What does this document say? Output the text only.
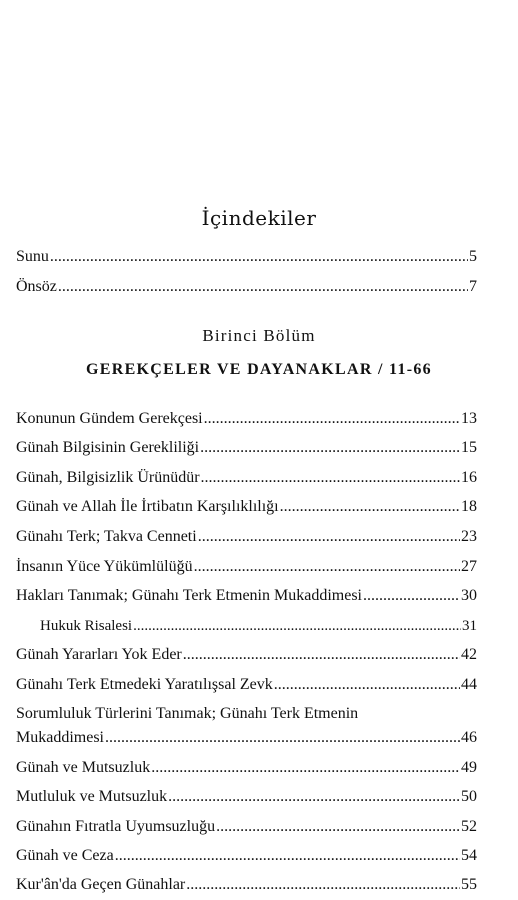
İçindekiler
Sunu .....	5
Önsöz .....	7
Birinci Bölüm
GEREKÇELER VE DAYANAKLAR / 11-66
Konunun Gündem Gerekçesi .....	13
Günah Bilgisinin Gerekliliği .....	15
Günah, Bilgisizlik Ürünüdür .....	16
Günah ve Allah İle İrtibatın Karşılıklılığı .....	18
Günahı Terk; Takva Cenneti .....	23
İnsanın Yüce Yükümlülüğü .....	27
Hakları Tanımak; Günahı Terk Etmenin Mukaddimesi .....	30
Hukuk Risalesi .....	31
Günah Yararları Yok Eder .....	42
Günahı Terk Etmedeki Yaratılışsal Zevk .....	44
Sorumluluk Türlerini Tanımak; Günahı Terk Etmenin
Mukaddimesi .....	46
Günah ve Mutsuzluk .....	49
Mutluluk ve Mutsuzluk .....	50
Günahın Fıtratla Uyumsuzluğu .....	52
Günah ve Ceza .....	54
Kur'ân'da Geçen Günahlar .....	55
